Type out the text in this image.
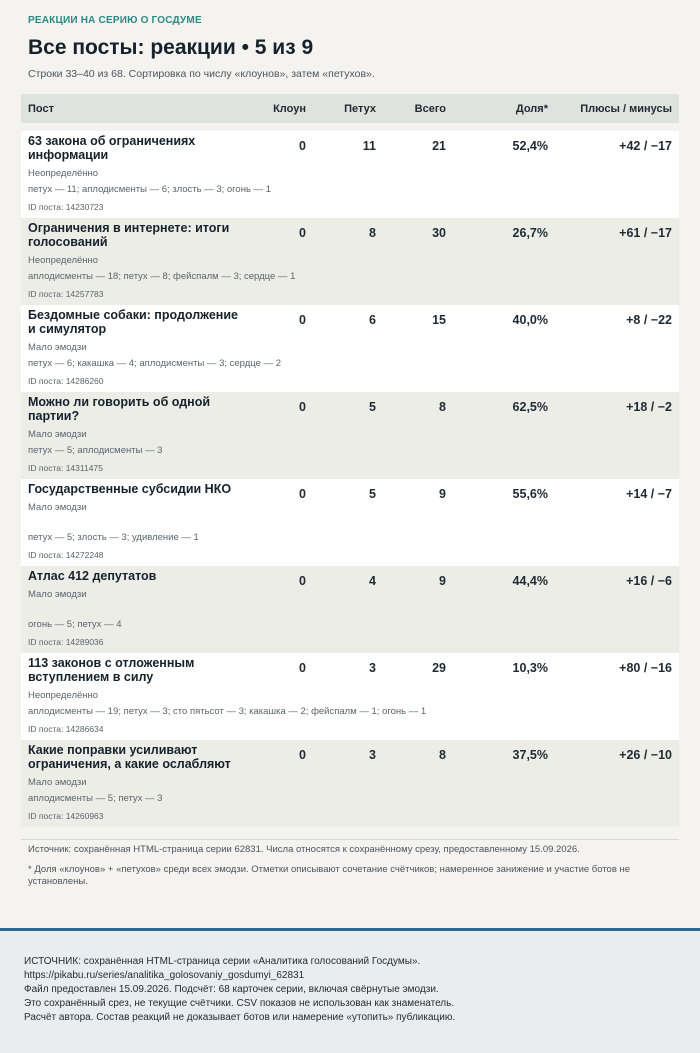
РЕАКЦИИ НА СЕРИЮ О ГОСДУМЕ
Все посты: реакции • 5 из 9
Строки 33–40 из 68. Сортировка по числу «клоунов», затем «петухов».
Пост	Клоун	Петух	Всего	Доля*	Плюсы / минусы

63 закона об ограничениях информации
Неопределённо
петух — 11; аплодисменты — 6; злость — 3; огонь — 1
ID поста: 14230723	0	11	21	52,4%	+42 / −17

Ограничения в интернете: итоги голосований
Неопределённо
аплодисменты — 18; петух — 8; фейспалм — 3; сердце — 1
ID поста: 14257783	0	8	30	26,7%	+61 / −17

Бездомные собаки: продолжение и симулятор
Мало эмодзи
петух — 6; какашка — 4; аплодисменты — 3; сердце — 2
ID поста: 14286260	0	6	15	40,0%	+8 / −22

Можно ли говорить об одной партии?
Мало эмодзи
петух — 5; аплодисменты — 3
ID поста: 14311475	0	5	8	62,5%	+18 / −2

Государственные субсидии НКО
Мало эмодзи
петух — 5; злость — 3; удивление — 1
ID поста: 14272248	0	5	9	55,6%	+14 / −7

Атлас 412 депутатов
Мало эмодзи
огонь — 5; петух — 4
ID поста: 14289036	0	4	9	44,4%	+16 / −6

113 законов с отложенным вступлением в силу
Неопределённо
аплодисменты — 19; петух — 3; сто пятьсот — 3; какашка — 2; фейспалм — 1; огонь — 1
ID поста: 14286634	0	3	29	10,3%	+80 / −16

Какие поправки усиливают ограничения, а какие ослабляют
Мало эмодзи
аплодисменты — 5; петух — 3
ID поста: 14260963	0	3	8	37,5%	+26 / −10

Источник: сохранённая HTML-страница серии 62831. Числа относятся к сохранённому срезу, предоставленному 15.09.2026.

* Доля «клоунов» + «петухов» среди всех эмодзи. Отметки описывают сочетание счётчиков; намеренное занижение и участие ботов не установлены.

ИСТОЧНИК: сохранённая HTML-страница серии «Аналитика голосований Госдумы».
https://pikabu.ru/series/analitika_golosovaniy_gosdumyi_62831
Файл предоставлен 15.09.2026. Подсчёт: 68 карточек серии, включая свёрнутые эмодзи.
Это сохранённый срез, не текущие счётчики. CSV показов не использован как знаменатель.
Расчёт автора. Состав реакций не доказывает ботов или намерение «утопить» публикацию.
